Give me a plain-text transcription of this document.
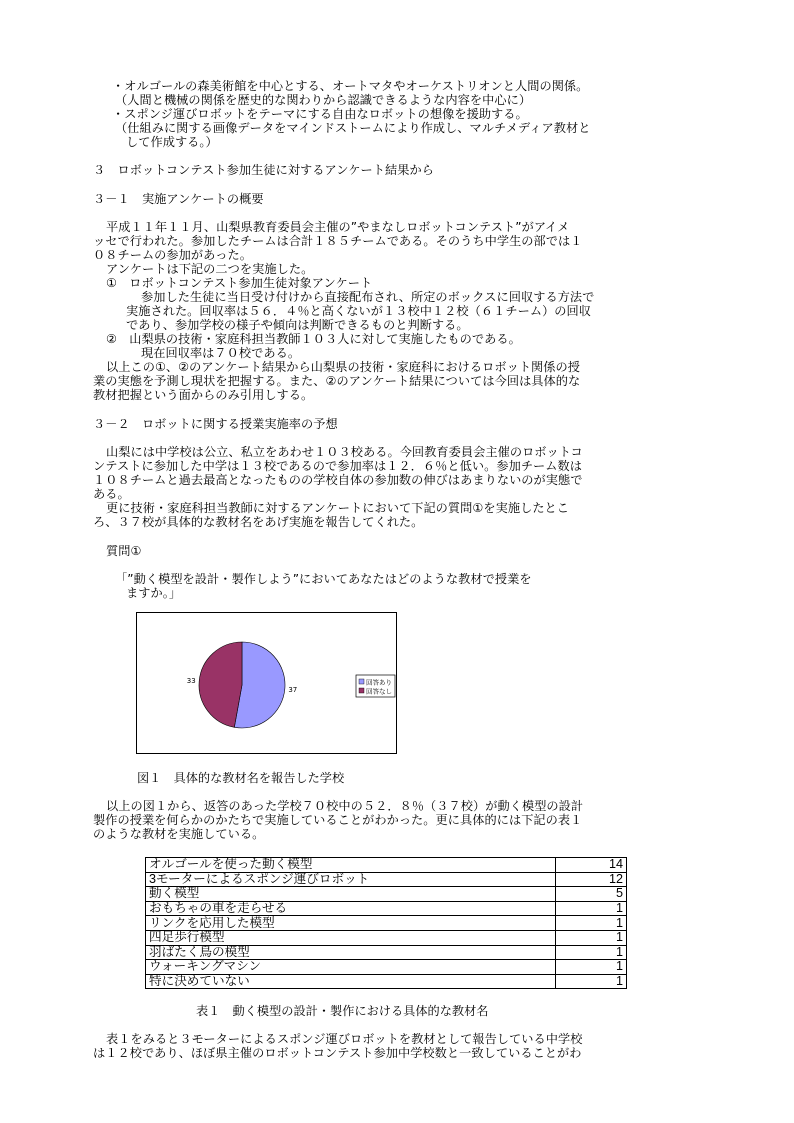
・オルゴールの森美術館を中心とする、オートマタやオーケストリオンと人間の関係。
（人間と機械の関係を歴史的な関わりから認識できるような内容を中心に）
・スポンジ運びロボットをテーマにする自由なロボットの想像を援助する。
（仕組みに関する画像データをマインドストームにより作成し、マルチメディア教材と
して作成する。）
３　ロボットコンテスト参加生徒に対するアンケート結果から
３－１　実施アンケートの概要
平成１１年１１月、山梨県教育委員会主催の”やまなしロボットコンテスト”がアイメ
ッセで行われた。参加したチームは合計１８５チームである。そのうち中学生の部では１
０８チームの参加があった。
アンケートは下記の二つを実施した。
①　ロボットコンテスト参加生徒対象アンケート
参加した生徒に当日受け付けから直接配布され、所定のボックスに回収する方法で
実施された。回収率は５６．４％と高くないが１３校中１２校（６１チーム）の回収
であり、参加学校の様子や傾向は判断できるものと判断する。
②　山梨県の技術・家庭科担当教師１０３人に対して実施したものである。
現在回収率は７０校である。
以上この①、②のアンケート結果から山梨県の技術・家庭科におけるロボット関係の授
業の実態を予測し現状を把握する。また、②のアンケート結果については今回は具体的な
教材把握という面からのみ引用しする。
３－２　ロボットに関する授業実施率の予想
山梨には中学校は公立、私立をあわせ１０３校ある。今回教育委員会主催のロボットコ
ンテストに参加した中学は１３校であるので参加率は１２．６％と低い。参加チーム数は
１０８チームと過去最高となったものの学校自体の参加数の伸びはあまりないのが実態で
ある。
更に技術・家庭科担当教師に対するアンケートにおいて下記の質問①を実施したとこ
ろ、３７校が具体的な教材名をあげ実施を報告してくれた。
質問①
「”動く模型を設計・製作しよう”においてあなたはどのような教材で授業を
ますか。」
37
33	回答あり
回答なし
図１　具体的な教材名を報告した学校
以上の図１から、返答のあった学校７０校中の５２．８％（３７校）が動く模型の設計
製作の授業を何らかのかたちで実施していることがわかった。更に具体的には下記の表１
のような教材を実施している。
オルゴールを使った動く模型	14
3モーターによるスポンジ運びロボット	12
動く模型	5
おもちゃの車を走らせる	1
リンクを応用した模型	1
四足歩行模型	1
羽ばたく鳥の模型	1
ウォーキングマシン	1
特に決めていない	1
表１　動く模型の設計・製作における具体的な教材名
表１をみると３モーターによるスポンジ運びロボットを教材として報告している中学校
は１２校であり、ほぼ県主催のロボットコンテスト参加中学校数と一致していることがわ
